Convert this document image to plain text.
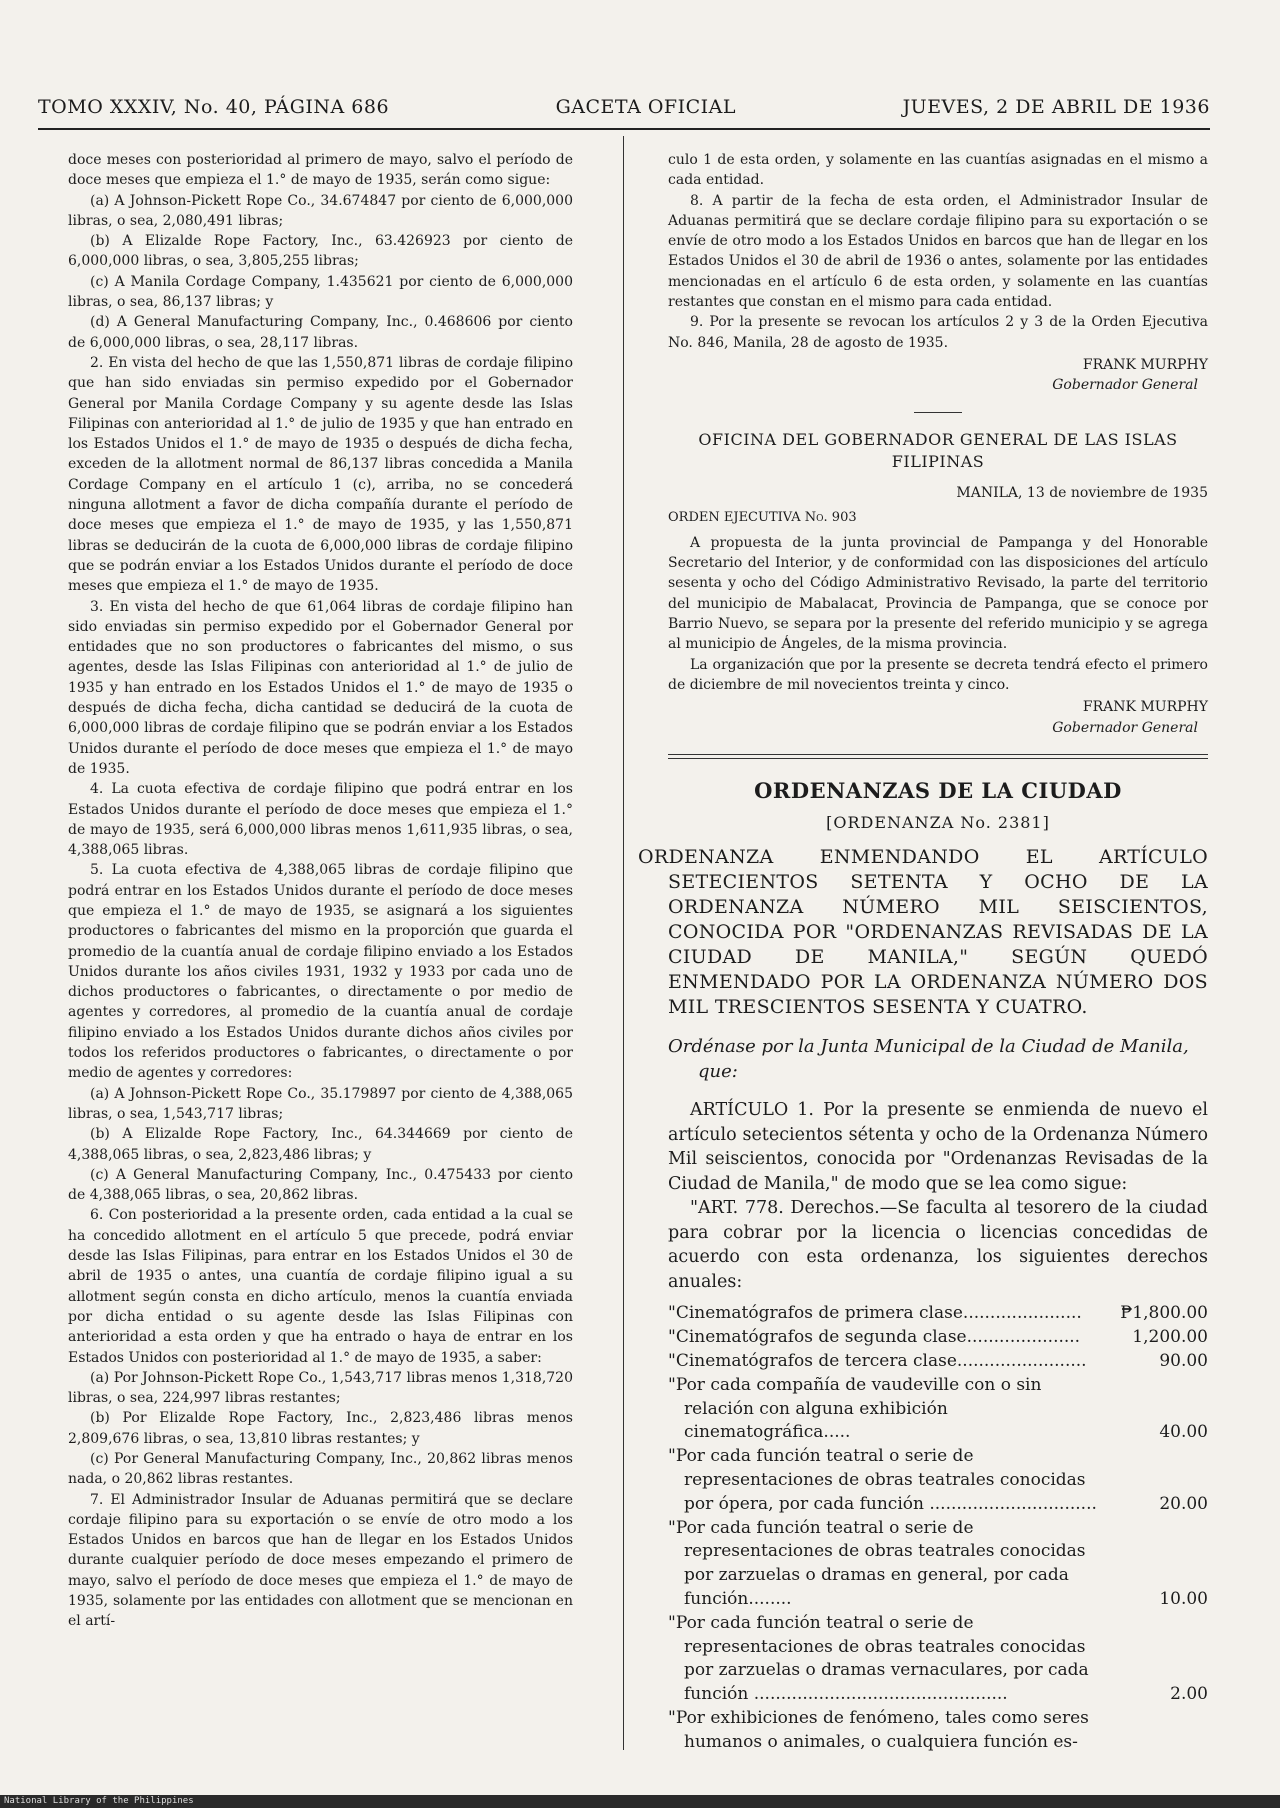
TOMO XXXIV, No. 40, PÁGINA 686	GACETA OFICIAL	JUEVES, 2 DE ABRIL DE 1936

doce meses con posterioridad al primero de mayo, salvo el período de doce meses que empieza el 1.° de mayo de 1935, serán como sigue:

(a) A Johnson-Pickett Rope Co., 34.674847 por ciento de 6,000,000 libras, o sea, 2,080,491 libras;

(b) A Elizalde Rope Factory, Inc., 63.426923 por ciento de 6,000,000 libras, o sea, 3,805,255 libras;

(c) A Manila Cordage Company, 1.435621 por ciento de 6,000,000 libras, o sea, 86,137 libras; y

(d) A General Manufacturing Company, Inc., 0.468606 por ciento de 6,000,000 libras, o sea, 28,117 libras.

2. En vista del hecho de que las 1,550,871 libras de cordaje filipino que han sido enviadas sin permiso expedido por el Gobernador General por Manila Cordage Company y su agente desde las Islas Filipinas con anterioridad al 1.° de julio de 1935 y que han entrado en los Estados Unidos el 1.° de mayo de 1935 o después de dicha fecha, exceden de la allotment normal de 86,137 libras concedida a Manila Cordage Company en el artículo 1 (c), arriba, no se concederá ninguna allotment a favor de dicha compañía durante el período de doce meses que empieza el 1.° de mayo de 1935, y las 1,550,871 libras se deducirán de la cuota de 6,000,000 libras de cordaje filipino que se podrán enviar a los Estados Unidos durante el período de doce meses que empieza el 1.° de mayo de 1935.

3. En vista del hecho de que 61,064 libras de cordaje filipino han sido enviadas sin permiso expedido por el Gobernador General por entidades que no son productores o fabricantes del mismo, o sus agentes, desde las Islas Filipinas con anterioridad al 1.° de julio de 1935 y han entrado en los Estados Unidos el 1.° de mayo de 1935 o después de dicha fecha, dicha cantidad se deducirá de la cuota de 6,000,000 libras de cordaje filipino que se podrán enviar a los Estados Unidos durante el período de doce meses que empieza el 1.° de mayo de 1935.

4. La cuota efectiva de cordaje filipino que podrá entrar en los Estados Unidos durante el período de doce meses que empieza el 1.° de mayo de 1935, será 6,000,000 libras menos 1,611,935 libras, o sea, 4,388,065 libras.

5. La cuota efectiva de 4,388,065 libras de cordaje filipino que podrá entrar en los Estados Unidos durante el período de doce meses que empieza el 1.° de mayo de 1935, se asignará a los siguientes productores o fabricantes del mismo en la proporción que guarda el promedio de la cuantía anual de cordaje filipino enviado a los Estados Unidos durante los años civiles 1931, 1932 y 1933 por cada uno de dichos productores o fabricantes, o directamente o por medio de agentes y corredores, al promedio de la cuantía anual de cordaje filipino enviado a los Estados Unidos durante dichos años civiles por todos los referidos productores o fabricantes, o directamente o por medio de agentes y corredores:

(a) A Johnson-Pickett Rope Co., 35.179897 por ciento de 4,388,065 libras, o sea, 1,543,717 libras;

(b) A Elizalde Rope Factory, Inc., 64.344669 por ciento de 4,388,065 libras, o sea, 2,823,486 libras; y

(c) A General Manufacturing Company, Inc., 0.475433 por ciento de 4,388,065 libras, o sea, 20,862 libras.

6. Con posterioridad a la presente orden, cada entidad a la cual se ha concedido allotment en el artículo 5 que precede, podrá enviar desde las Islas Filipinas, para entrar en los Estados Unidos el 30 de abril de 1935 o antes, una cuantía de cordaje filipino igual a su allotment según consta en dicho artículo, menos la cuantía enviada por dicha entidad o su agente desde las Islas Filipinas con anterioridad a esta orden y que ha entrado o haya de entrar en los Estados Unidos con posterioridad al 1.° de mayo de 1935, a saber:

(a) Por Johnson-Pickett Rope Co., 1,543,717 libras menos 1,318,720 libras, o sea, 224,997 libras restantes;

(b) Por Elizalde Rope Factory, Inc., 2,823,486 libras menos 2,809,676 libras, o sea, 13,810 libras restantes; y

(c) Por General Manufacturing Company, Inc., 20,862 libras menos nada, o 20,862 libras restantes.

7. El Administrador Insular de Aduanas permitirá que se declare cordaje filipino para su exportación o se envíe de otro modo a los Estados Unidos en barcos que han de llegar en los Estados Unidos durante cualquier período de doce meses empezando el primero de mayo, salvo el período de doce meses que empieza el 1.° de mayo de 1935, solamente por las entidades con allotment que se mencionan en el artí-

culo 1 de esta orden, y solamente en las cuantías asignadas en el mismo a cada entidad.

8. A partir de la fecha de esta orden, el Administrador Insular de Aduanas permitirá que se declare cordaje filipino para su exportación o se envíe de otro modo a los Estados Unidos en barcos que han de llegar en los Estados Unidos el 30 de abril de 1936 o antes, solamente por las entidades mencionadas en el artículo 6 de esta orden, y solamente en las cuantías restantes que constan en el mismo para cada entidad.

9. Por la presente se revocan los artículos 2 y 3 de la Orden Ejecutiva No. 846, Manila, 28 de agosto de 1935.

FRANK MURPHY
Gobernador General
OFICINA DEL GOBERNADOR GENERAL DE LAS ISLAS FILIPINAS
MANILA, 13 de noviembre de 1935
ORDEN EJECUTIVA No. 903

A propuesta de la junta provincial de Pampanga y del Honorable Secretario del Interior, y de conformidad con las disposiciones del artículo sesenta y ocho del Código Administrativo Revisado, la parte del territorio del municipio de Mabalacat, Provincia de Pampanga, que se conoce por Barrio Nuevo, se separa por la presente del referido municipio y se agrega al municipio de Ángeles, de la misma provincia.

La organización que por la presente se decreta tendrá efecto el primero de diciembre de mil novecientos treinta y cinco.

FRANK MURPHY
Gobernador General
ORDENANZAS DE LA CIUDAD
[ORDENANZA No. 2381]
ORDENANZA ENMENDANDO EL ARTÍCULO SETECIENTOS SETENTA Y OCHO DE LA ORDENANZA NÚMERO MIL SEISCIENTOS, CONOCIDA POR "ORDENANZAS REVISADAS DE LA CIUDAD DE MANILA," SEGÚN QUEDÓ ENMENDADO POR LA ORDENANZA NÚMERO DOS MIL TRESCIENTOS SESENTA Y CUATRO.
Ordénase por la Junta Municipal de la Ciudad de Manila, que:

ARTÍCULO 1. Por la presente se enmienda de nuevo el artículo setecientos sétenta y ocho de la Ordenanza Número Mil seiscientos, conocida por "Ordenanzas Revisadas de la Ciudad de Manila," de modo que se lea como sigue:

"ART. 778. Derechos.—Se faculta al tesorero de la ciudad para cobrar por la licencia o licencias concedidas de acuerdo con esta ordenanza, los siguientes derechos anuales:

"Cinematógrafos de primera clase......................	₱1,800.00
"Cinematógrafos de segunda clase.....................	1,200.00
"Cinematógrafos de tercera clase........................	90.00
"Por cada compañía de vaudeville con o sin relación con alguna exhibición cinematográfica.....	40.00
"Por cada función teatral o serie de representaciones de obras teatrales conocidas por ópera, por cada función ...............................	20.00
"Por cada función teatral o serie de representaciones de obras teatrales conocidas por zarzuelas o dramas en general, por cada función........	10.00
"Por cada función teatral o serie de representaciones de obras teatrales conocidas por zarzuelas o dramas vernaculares, por cada función ...............................................	2.00
"Por exhibiciones de fenómeno, tales como seres humanos o animales, o cualquiera función es-
National Library of the Philippines
